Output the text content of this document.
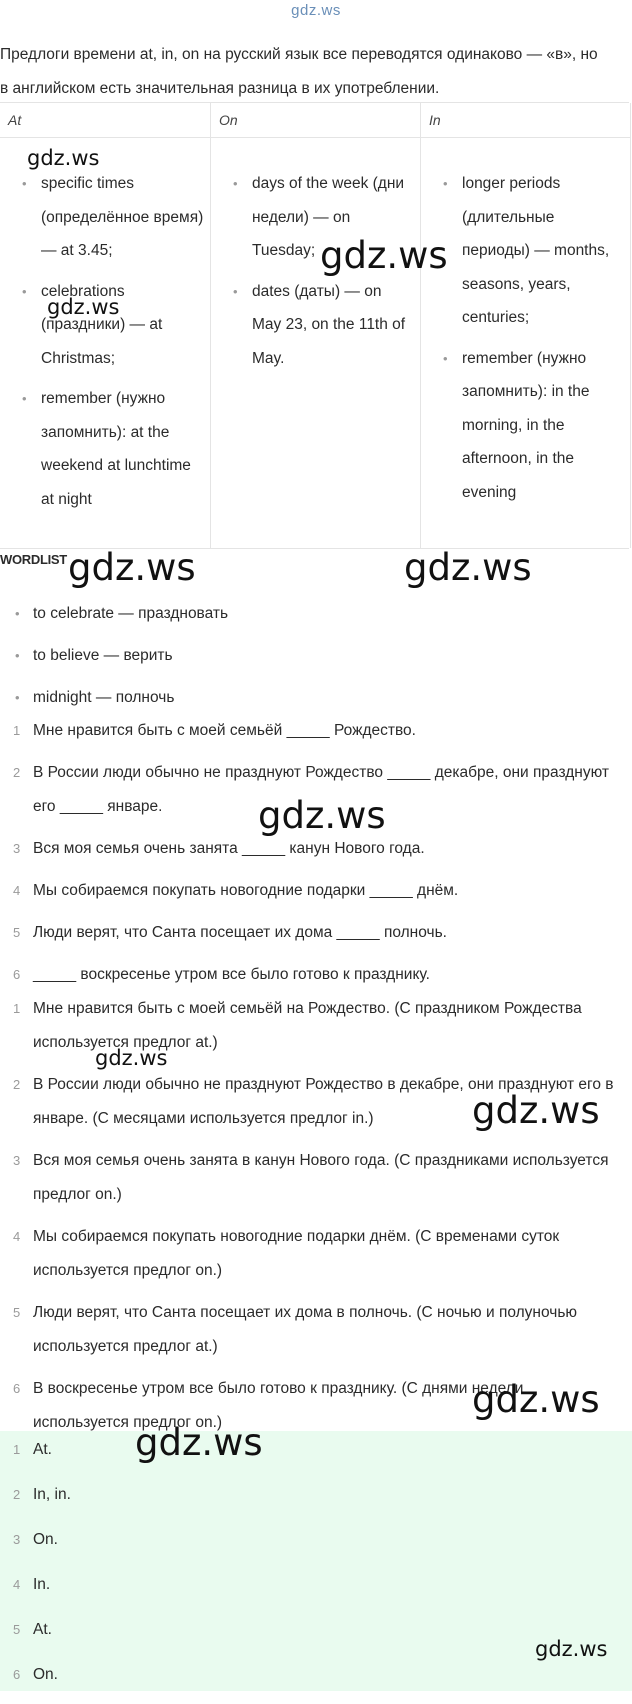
gdz.ws
Предлоги времени at, in, on на русский язык все переводятся одинаково — «в», но в английском есть значительная разница в их употреблении.
At
• specific times (определённое время) — at 3.45;
• celebrations (праздники) — at Christmas;
• remember (нужно запомнить): at the weekend at lunchtime at night
On
• days of the week (дни недели) — on Tuesday;
• dates (даты) — on May 23, on the 11th of May.
In
• longer periods (длительные периоды) — months, seasons, years, centuries;
• remember (нужно запомнить): in the morning, in the afternoon, in the evening
WORDLIST
• to celebrate — праздновать
• to believe — верить
• midnight — полночь
1 Мне нравится быть с моей семьёй _____ Рождество.
2 В России люди обычно не празднуют Рождество _____ декабре, они празднуют его _____ январе.
3 Вся моя семья очень занята _____ канун Нового года.
4 Мы собираемся покупать новогодние подарки _____ днём.
5 Люди верят, что Санта посещает их дома _____ полночь.
6 _____ воскресенье утром все было готово к празднику.
1 Мне нравится быть с моей семьёй на Рождество. (С праздником Рождества используется предлог at.)
2 В России люди обычно не празднуют Рождество в декабре, они празднуют его в январе. (С месяцами используется предлог in.)
3 Вся моя семья очень занята в канун Нового года. (С праздниками используется предлог on.)
4 Мы собираемся покупать новогодние подарки днём. (С временами суток используется предлог on.)
5 Люди верят, что Санта посещает их дома в полночь. (С ночью и полуночью используется предлог at.)
6 В воскресенье утром все было готово к празднику. (С днями недели используется предлог on.)
1 At.
2 In, in.
3 On.
4 In.
5 At.
6 On.
gdz.ws
gdz.ws
gdz.ws
gdz.ws	gdz.ws
gdz.ws
gdz.ws
gdz.ws
gdz.ws
gdz.ws
gdz.ws
